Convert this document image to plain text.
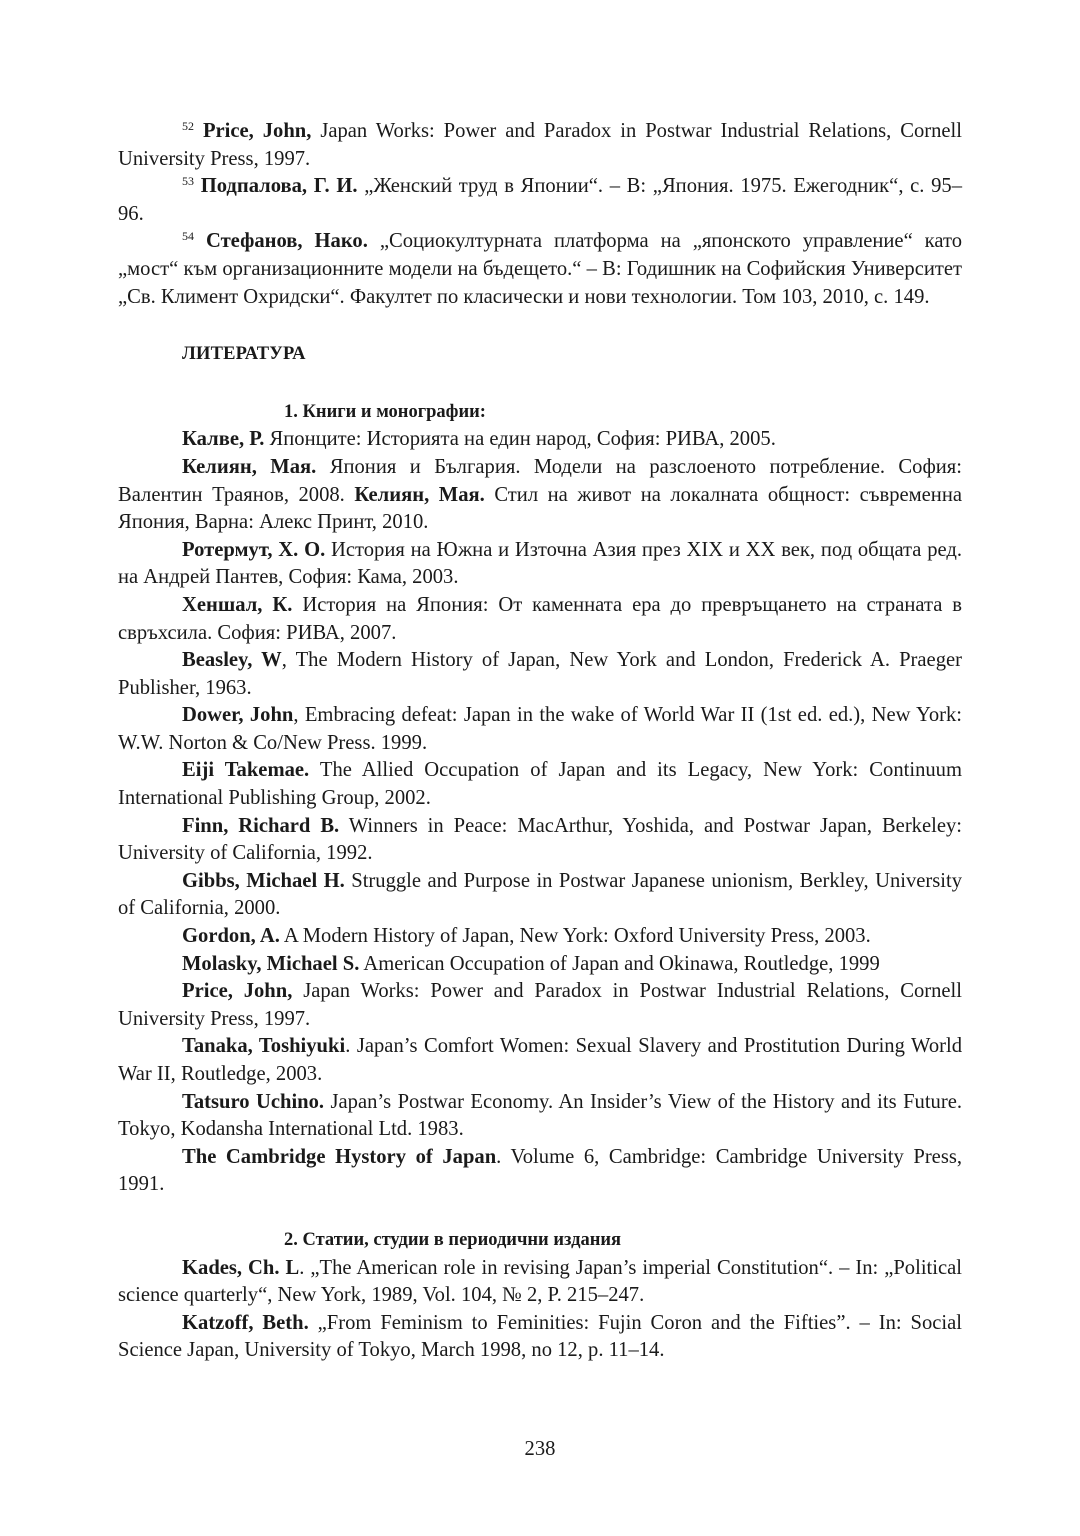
$^{52}$ Price, John, Japan Works: Power and Paradox in Postwar Industrial Relations, Cornell University Press, 1997.

$^{53}$ Подпалова, Г. И. „Женский труд в Японии“. – В: „Япония. 1975. Ежегодник“, с. 95–96.

$^{54}$ Стефанов, Нако. „Социокултурната платформа на „японското управление“ като „мост“ към организационните модели на бъдещето.“ – В: Годишник на Софийския Университет „Св. Климент Охридски“. Факултет по класически и нови технологии. Том 103, 2010, с. 149.

ЛИТЕРАТУРА
1. Книги и монографии:

Калве, Р. Японците: Историята на един народ, София: РИВА, 2005.

Келиян, Мая. Япония и България. Модели на разслоеното потребление. София: Валентин Траянов, 2008. Келиян, Мая. Стил на живот на локалната общност: съвременна Япония, Варна: Алекс Принт, 2010.

Ротермут, Х. О. История на Южна и Източна Азия през XIX и XX век, под общата ред. на Андрей Пантев, София: Кама, 2003.

Хеншал, К. История на Япония: От каменната ера до превръщането на страната в свръхсила. София: РИВА, 2007.

Beasley, W, The Modern History of Japan, New York and London, Frederick A. Praeger Publisher, 1963.

Dower, John, Embracing defeat: Japan in the wake of World War II (1st ed. ed.), New York: W.W. Norton & Co/New Press. 1999.

Eiji Takemae. The Allied Occupation of Japan and its Legacy, New York: Continuum International Publishing Group, 2002.

Finn, Richard B. Winners in Peace: MacArthur, Yoshida, and Postwar Japan, Berkeley: University of California, 1992.

Gibbs, Michael H. Struggle and Purpose in Postwar Japanese unionism, Berkley, University of California, 2000.

Gordon, A. A Modern History of Japan, New York: Oxford University Press, 2003.

Molasky, Michael S. American Occupation of Japan and Okinawa, Routledge, 1999

Price, John, Japan Works: Power and Paradox in Postwar Industrial Relations, Cornell University Press, 1997.

Tanaka, Toshiyuki. Japan’s Comfort Women: Sexual Slavery and Prostitution During World War II, Routledge, 2003.

Tatsuro Uchino. Japan’s Postwar Economy. An Insider’s View of the History and its Future. Tokyo, Kodansha International Ltd. 1983.

The Cambridge Hystory of Japan. Volume 6, Cambridge: Cambridge University Press, 1991.

2. Статии, студии в периодични издания

Kades, Ch. L. „The American role in revising Japan’s imperial Constitution“. – In: „Political science quarterly“, New York, 1989, Vol. 104, № 2, P. 215–247.

Katzoff, Beth. „From Feminism to Feminities: Fujin Coron and the Fifties”. – In: Social Science Japan, University of Tokyo, March 1998, no 12, p. 11–14.

238
